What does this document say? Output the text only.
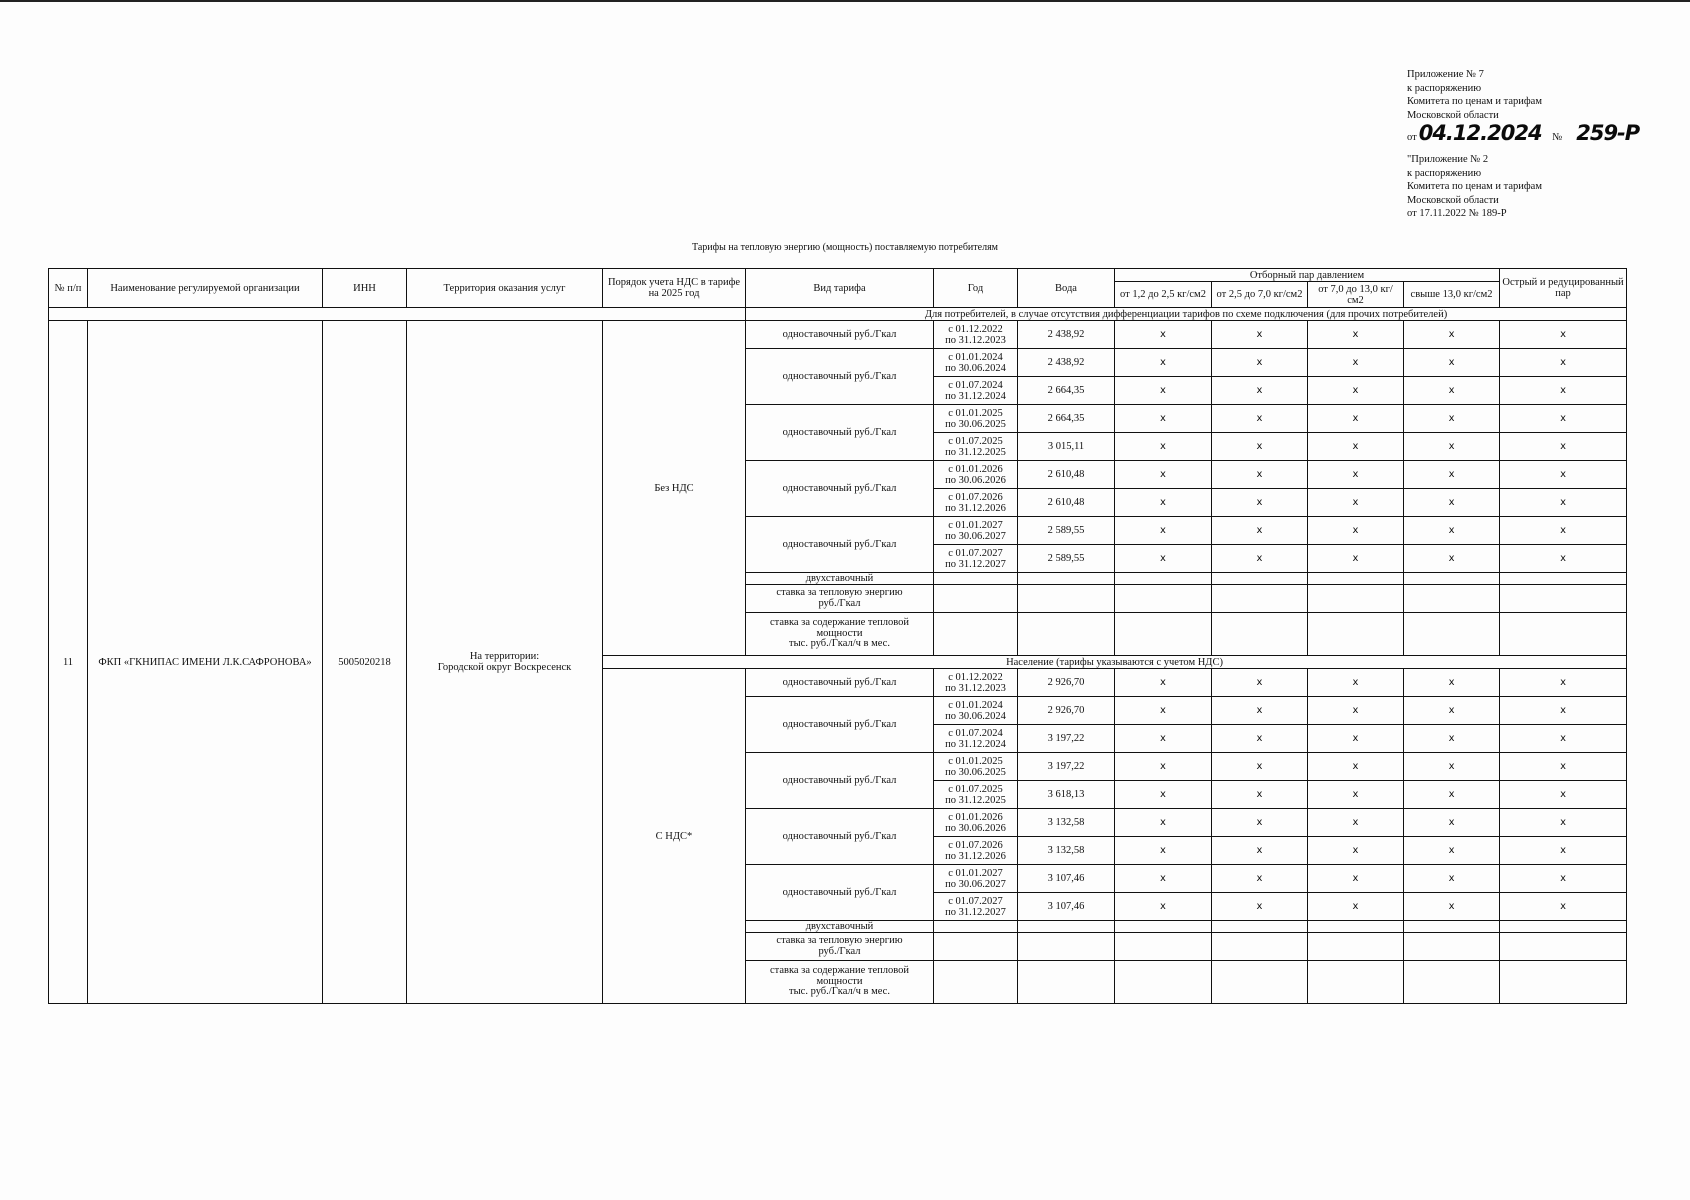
Приложение № 7
к распоряжению
Комитета по ценам и тарифам
Московской области
от04.12.2024 № 259-Р
"Приложение № 2
к распоряжению
Комитета по ценам и тарифам
Московской области
от 17.11.2022 № 189-Р
Тарифы на тепловую энергию (мощность) поставляемую потребителям
№ п/п	Наименование регулируемой организации	ИНН	Территория оказания услуг	Порядок учета НДС в тарифе на 2025 год	Вид тарифа	Год	Вода	Отборный пар давлением				Острый и редуцированный пар
								от 1,2 до 2,5 кг/см2	от 2,5 до 7,0 кг/см2	от 7,0 до 13,0 кг/см2	свыше 13,0 кг/см2	
					Для потребителей, в случае отсутствия дифференциации тарифов по схеме подключения (для прочих потребителей)							
11	ФКП «ГКНИПАС ИМЕНИ Л.К.САФРОНОВА»	5005020218	На территории:
Городской округ Воскресенск	Без НДС	одноставочный руб./Гкал	с 01.12.2022
по 31.12.2023	2 438,92	x	x	x	x	x
					одноставочный руб./Гкал	с 01.01.2024
по 30.06.2024	2 438,92	x	x	x	x	x
						с 01.07.2024
по 31.12.2024	2 664,35	x	x	x	x	x
					одноставочный руб./Гкал	с 01.01.2025
по 30.06.2025	2 664,35	x	x	x	x	x
						с 01.07.2025
по 31.12.2025	3 015,11	x	x	x	x	x
					одноставочный руб./Гкал	с 01.01.2026
по 30.06.2026	2 610,48	x	x	x	x	x
						с 01.07.2026
по 31.12.2026	2 610,48	x	x	x	x	x
					одноставочный руб./Гкал	с 01.01.2027
по 30.06.2027	2 589,55	x	x	x	x	x
						с 01.07.2027
по 31.12.2027	2 589,55	x	x	x	x	x
					двухставочный							
					ставка за тепловую энергию
руб./Гкал							
					ставка за содержание тепловой
мощности
тыс. руб./Гкал/ч в мес.							
				Население (тарифы указываются с учетом НДС)								
				С НДС*	одноставочный руб./Гкал	с 01.12.2022
по 31.12.2023	2 926,70	x	x	x	x	x
					одноставочный руб./Гкал	с 01.01.2024
по 30.06.2024	2 926,70	x	x	x	x	x
						с 01.07.2024
по 31.12.2024	3 197,22	x	x	x	x	x
					одноставочный руб./Гкал	с 01.01.2025
по 30.06.2025	3 197,22	x	x	x	x	x
						с 01.07.2025
по 31.12.2025	3 618,13	x	x	x	x	x
					одноставочный руб./Гкал	с 01.01.2026
по 30.06.2026	3 132,58	x	x	x	x	x
						с 01.07.2026
по 31.12.2026	3 132,58	x	x	x	x	x
					одноставочный руб./Гкал	с 01.01.2027
по 30.06.2027	3 107,46	x	x	x	x	x
						с 01.07.2027
по 31.12.2027	3 107,46	x	x	x	x	x
					двухставочный							
					ставка за тепловую энергию
руб./Гкал							
					ставка за содержание тепловой
мощности
тыс. руб./Гкал/ч в мес.							
